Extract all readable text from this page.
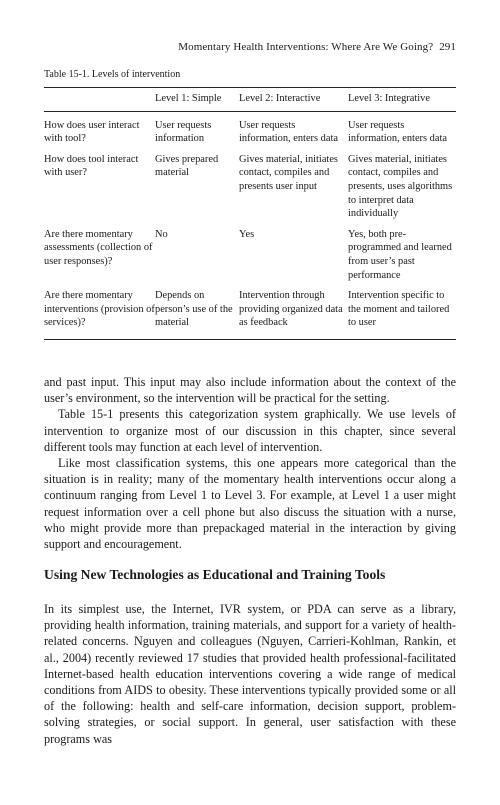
Momentary Health Interventions: Where Are We Going? 291
Table 15-1. Levels of intervention
	Level 1: Simple	Level 2: Interactive	Level 3: Integrative
How does user interact with tool?	User requests information	User requests information, enters data	User requests information, enters data
How does tool interact with user?	Gives prepared material	Gives material, initiates contact, compiles and presents user input	Gives material, initiates contact, compiles and presents, uses algorithms to interpret data individually
Are there momentary assessments (collection of user responses)?	No	Yes	Yes, both pre-programmed and learned from user’s past performance
Are there momentary interventions (provision of services)?	Depends on person’s use of the material	Intervention through providing organized data as feedback	Intervention specific to the moment and tailored to user

and past input. This input may also include information about the context of the user’s environment, so the intervention will be practical for the setting.

Table 15-1 presents this categorization system graphically. We use levels of intervention to organize most of our discussion in this chapter, since several different tools may function at each level of intervention.

Like most classification systems, this one appears more categorical than the situation is in reality; many of the momentary health interventions occur along a continuum ranging from Level 1 to Level 3. For example, at Level 1 a user might request information over a cell phone but also discuss the situation with a nurse, who might provide more than prepackaged material in the interaction by giving support and encouragement.

Using New Technologies as Educational and Training Tools

In its simplest use, the Internet, IVR system, or PDA can serve as a library, providing health information, training materials, and support for a variety of health-related concerns. Nguyen and colleagues (Nguyen, Carrieri-Kohlman, Rankin, et al., 2004) recently reviewed 17 studies that provided health professional-facilitated Internet-based health education interventions covering a wide range of medical conditions from AIDS to obesity. These interventions typically provided some or all of the following: health and self-care information, decision support, problem-solving strategies, or social support. In general, user satisfaction with these programs was
